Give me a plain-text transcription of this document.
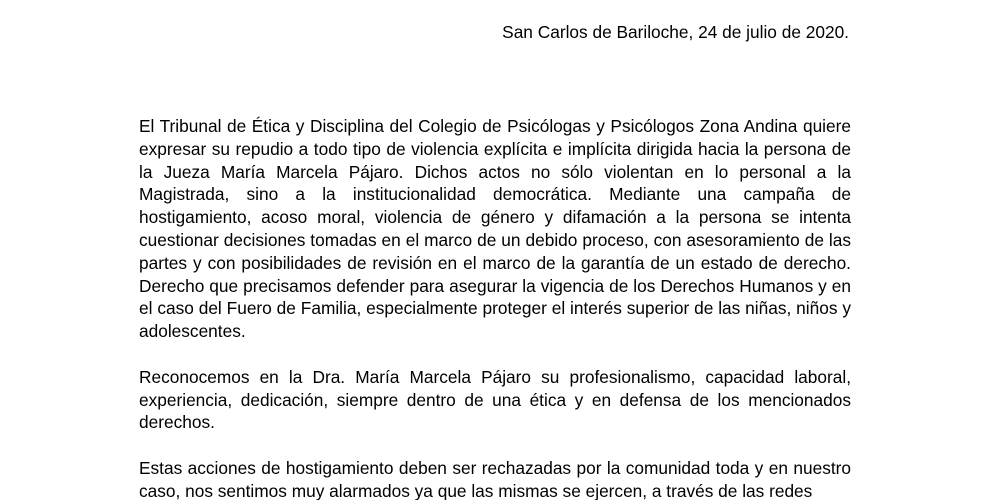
San Carlos de Bariloche, 24 de julio de 2020.

El Tribunal de Ética y Disciplina del Colegio de Psicólogas y Psicólogos Zona Andina quiere expresar su repudio a todo tipo de violencia explícita e implícita dirigida hacia la persona de la Jueza María Marcela Pájaro. Dichos actos no sólo violentan en lo personal a la Magistrada, sino a la institucionalidad democrática. Mediante una campaña de hostigamiento, acoso moral, violencia de género y difamación a la persona se intenta cuestionar decisiones tomadas en el marco de un debido proceso, con asesoramiento de las partes y con posibilidades de revisión en el marco de la garantía de un estado de derecho. Derecho que precisamos defender para asegurar la vigencia de los Derechos Humanos y en el caso del Fuero de Familia, especialmente proteger el interés superior de las niñas, niños y adolescentes.

Reconocemos en la Dra. María Marcela Pájaro su profesionalismo, capacidad laboral, experiencia, dedicación, siempre dentro de una ética y en defensa de los mencionados derechos.

Estas acciones de hostigamiento deben ser rechazadas por la comunidad toda y en nuestro caso, nos sentimos muy alarmados ya que las mismas se ejercen, a través de las redes
